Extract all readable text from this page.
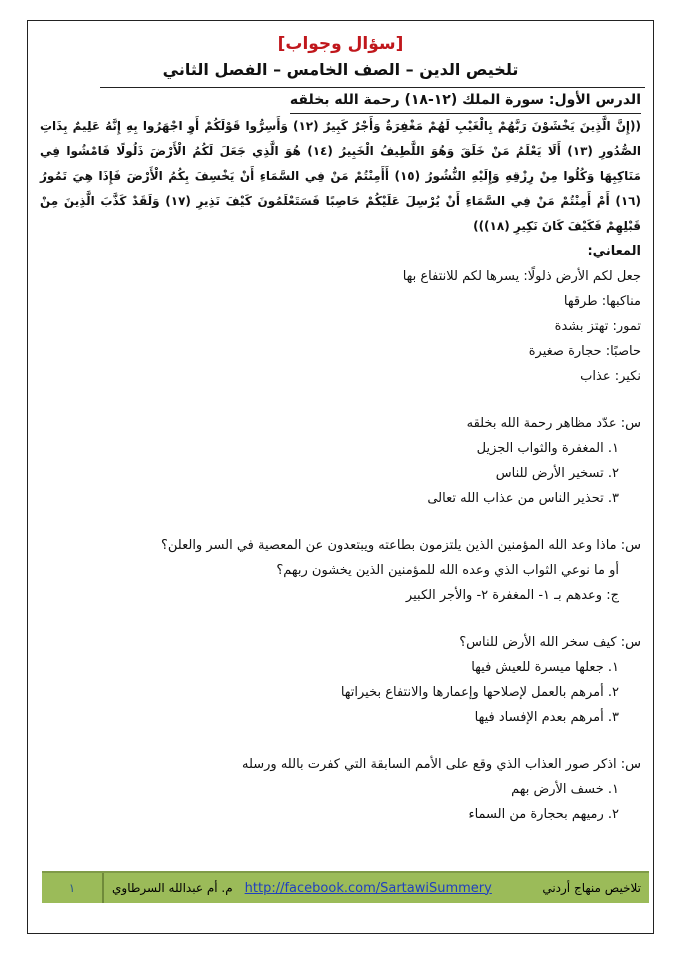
[سؤال وجواب]
تلخيص الدين – الصف الخامس – الفصل الثاني
الدرس الأول: سورة الملك (١٢-١٨) رحمة الله بخلقه
((إِنَّ الَّذِينَ يَخْشَوْنَ رَبَّهُمْ بِالْغَيْبِ لَهُمْ مَغْفِرَةٌ وَأَجْرٌ كَبِيرٌ (١٢) وَأَسِرُّوا قَوْلَكُمْ أَوِ اجْهَرُوا بِهِ إِنَّهُ عَلِيمٌ بِذَاتِ الصُّدُورِ (١٣) أَلَا يَعْلَمُ مَنْ خَلَقَ وَهُوَ اللَّطِيفُ الْخَبِيرُ (١٤) هُوَ الَّذِي جَعَلَ لَكُمُ الْأَرْضَ ذَلُولًا فَامْشُوا فِي مَنَاكِبِهَا وَكُلُوا مِنْ رِزْقِهِ وَإِلَيْهِ النُّشُورُ (١٥) أَأَمِنْتُمْ مَنْ فِي السَّمَاءِ أَنْ يَخْسِفَ بِكُمُ الْأَرْضَ فَإِذَا هِيَ تَمُورُ (١٦) أَمْ أَمِنْتُمْ مَنْ فِي السَّمَاءِ أَنْ يُرْسِلَ عَلَيْكُمْ حَاصِبًا فَسَتَعْلَمُونَ كَيْفَ نَذِيرِ (١٧) وَلَقَدْ كَذَّبَ الَّذِينَ مِنْ قَبْلِهِمْ فَكَيْفَ كَانَ نَكِيرِ (١٨)))
المعاني:
جعل لكم الأرض ذلولًا: يسرها لكم للانتفاع بها
مناكبها: طرقها
تمور: تهتز بشدة
حاصبًا: حجارة صغيرة
نكير: عذاب
س: عدّد مظاهر رحمة الله بخلقه
١. المغفرة والثواب الجزيل
٢. تسخير الأرض للناس
٣. تحذير الناس من عذاب الله تعالى
س: ماذا وعد الله المؤمنين الذين يلتزمون بطاعته ويبتعدون عن المعصية في السر والعلن؟
أو ما نوعي الثواب الذي وعده الله للمؤمنين الذين يخشون ربهم؟
ج: وعدهم بـ ١- المغفرة ٢- والأجر الكبير
س: كيف سخر الله الأرض للناس؟
١. جعلها ميسرة للعيش فيها
٢. أمرهم بالعمل لإصلاحها وإعمارها والانتفاع بخيراتها
٣. أمرهم بعدم الإفساد فيها
س: اذكر صور العذاب الذي وقع على الأمم السابقة التي كفرت بالله ورسله
١. خسف الأرض بهم
٢. رميهم بحجارة من السماء
١	م. أم عبدالله السرطاوي http://facebook.com/SartawiSummery	تلاخيص منهاج أردني
